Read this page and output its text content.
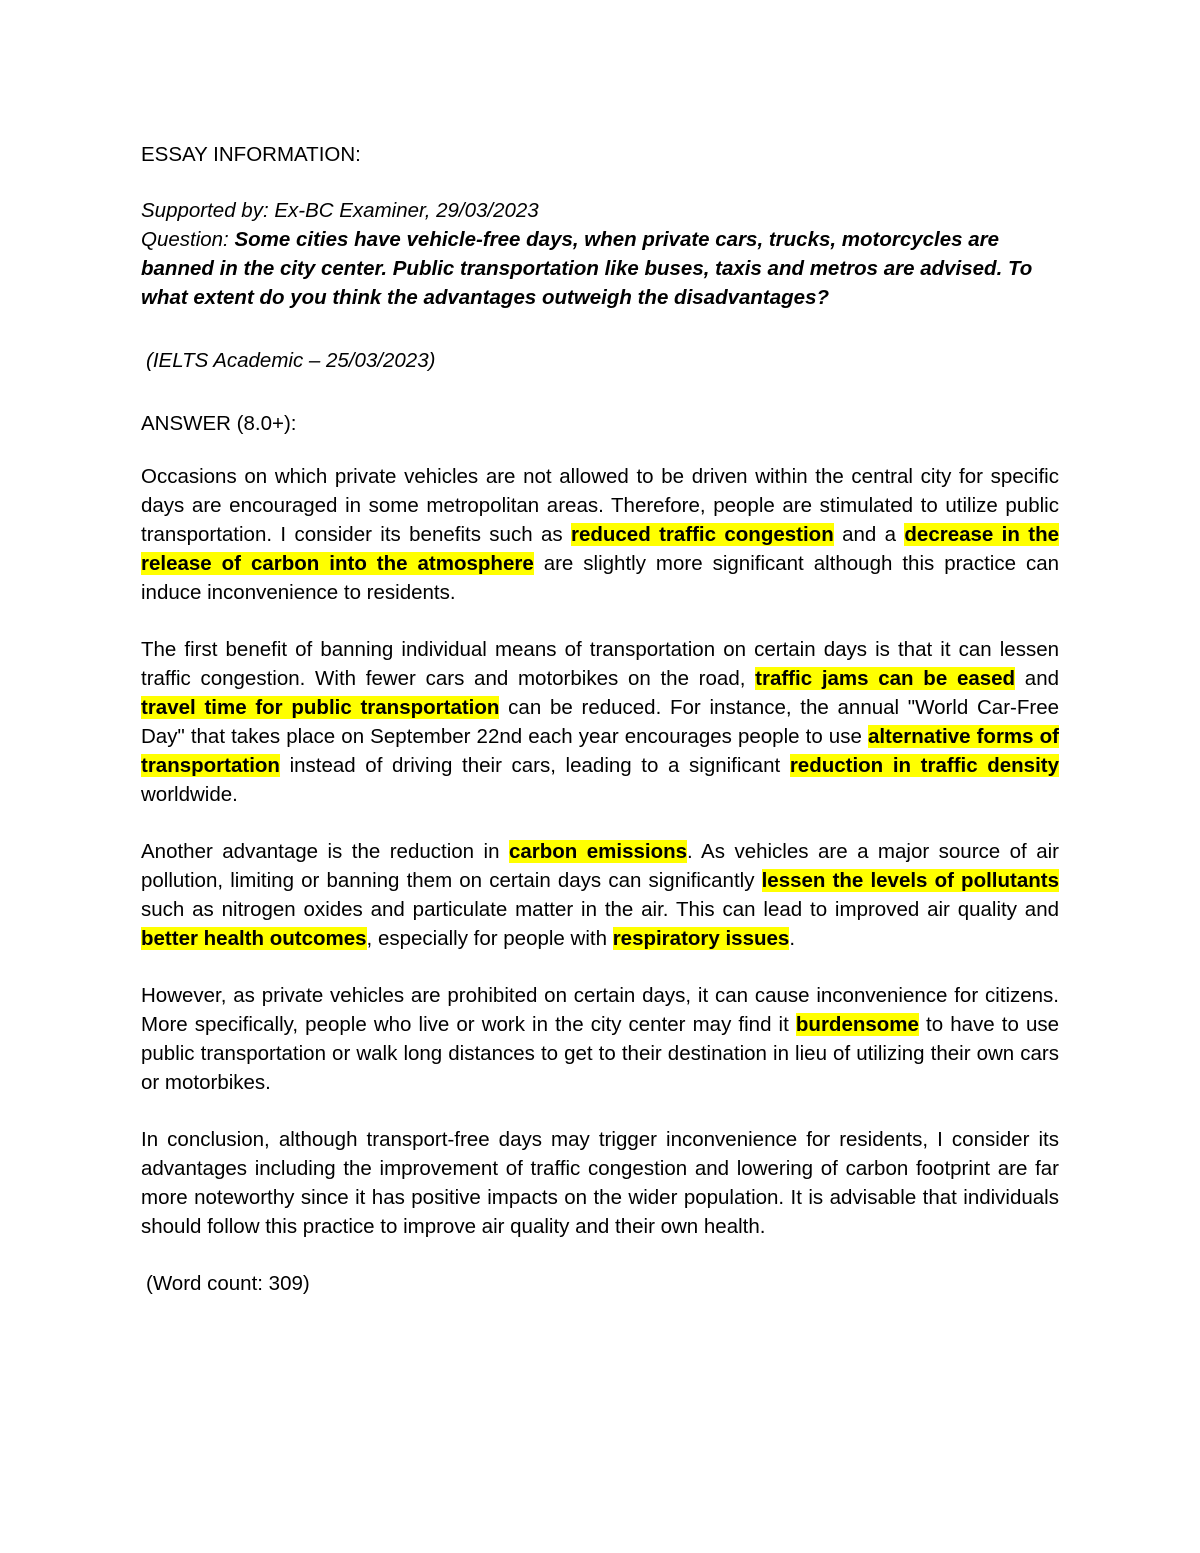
ESSAY INFORMATION:

Supported by: Ex-BC Examiner, 29/03/2023

Question: Some cities have vehicle-free days, when private cars, trucks, motorcycles are banned in the city center. Public transportation like buses, taxis and metros are advised. To what extent do you think the advantages outweigh the disadvantages?

(IELTS Academic – 25/03/2023)

ANSWER (8.0+):

Occasions on which private vehicles are not allowed to be driven within the central city for specific days are encouraged in some metropolitan areas. Therefore, people are stimulated to utilize public transportation. I consider its benefits such as reduced traffic congestion and a decrease in the release of carbon into the atmosphere are slightly more significant although this practice can induce inconvenience to residents.

The first benefit of banning individual means of transportation on certain days is that it can lessen traffic congestion. With fewer cars and motorbikes on the road, traffic jams can be eased and travel time for public transportation can be reduced. For instance, the annual "World Car-Free Day" that takes place on September 22nd each year encourages people to use alternative forms of transportation instead of driving their cars, leading to a significant reduction in traffic density worldwide.

Another advantage is the reduction in carbon emissions. As vehicles are a major source of air pollution, limiting or banning them on certain days can significantly lessen the levels of pollutants such as nitrogen oxides and particulate matter in the air. This can lead to improved air quality and better health outcomes, especially for people with respiratory issues.

However, as private vehicles are prohibited on certain days, it can cause inconvenience for citizens. More specifically, people who live or work in the city center may find it burdensome to have to use public transportation or walk long distances to get to their destination in lieu of utilizing their own cars or motorbikes.

In conclusion, although transport-free days may trigger inconvenience for residents, I consider its advantages including the improvement of traffic congestion and lowering of carbon footprint are far more noteworthy since it has positive impacts on the wider population. It is advisable that individuals should follow this practice to improve air quality and their own health.

(Word count: 309)
